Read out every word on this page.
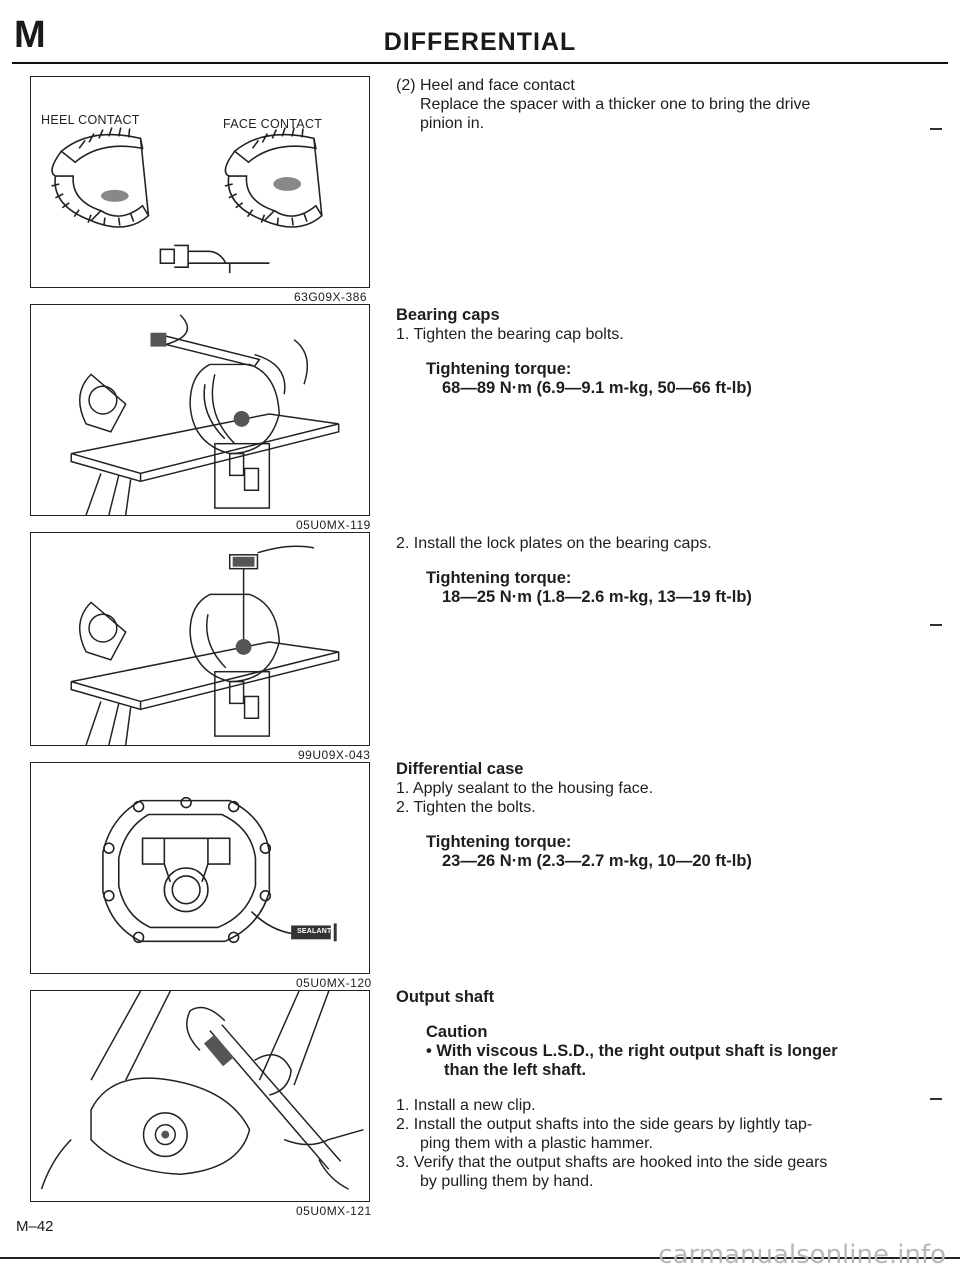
M	DIFFERENTIAL
HEEL CONTACT	FACE CONTACT
63G09X-386
05U0MX-119
99U09X-043
SEALANT
05U0MX-120
05U0MX-121
(2) Heel and face contact
Replace the spacer with a thicker one to bring the drive
pinion in.
Bearing caps
1. Tighten the bearing cap bolts.
Tightening torque:
68—89 N·m (6.9—9.1 m-kg, 50—66 ft-lb)
2. Install the lock plates on the bearing caps.
Tightening torque:
18—25 N·m (1.8—2.6 m-kg, 13—19 ft-lb)
Differential case
1. Apply sealant to the housing face.
2. Tighten the bolts.
Tightening torque:
23—26 N·m (2.3—2.7 m-kg, 10—20 ft-lb)
Output shaft
Caution
• With viscous L.S.D., the right output shaft is longer
than the left shaft.
1. Install a new clip.
2. Install the output shafts into the side gears by lightly tap-
ping them with a plastic hammer.
3. Verify that the output shafts are hooked into the side gears
by pulling them by hand.
M–42
carmanualsonline.info
